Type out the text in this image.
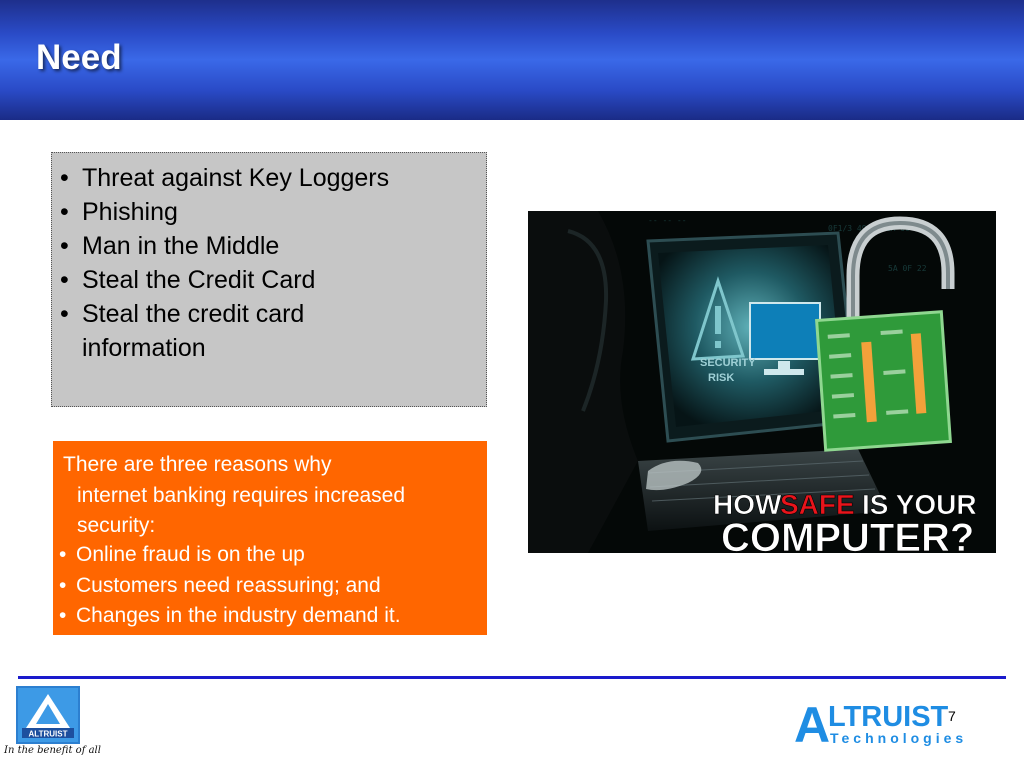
Need
• Threat against Key Loggers
• Phishing
• Man in the Middle
• Steal the Credit Card
• Steal the credit card information
There are three reasons why
internet banking requires increased
security:
• Online fraud is on the up
• Customers need reassuring; and
• Changes in the industry demand it.
0F1/3 49C2 81A-00
5A 0F 22
-- -- --
SECURITY
RISK
HOW
SAFE IS YOUR
COMPUTER?
ALTRUIST
In the benefit of all
7
A
LTRUIST
Technologies
